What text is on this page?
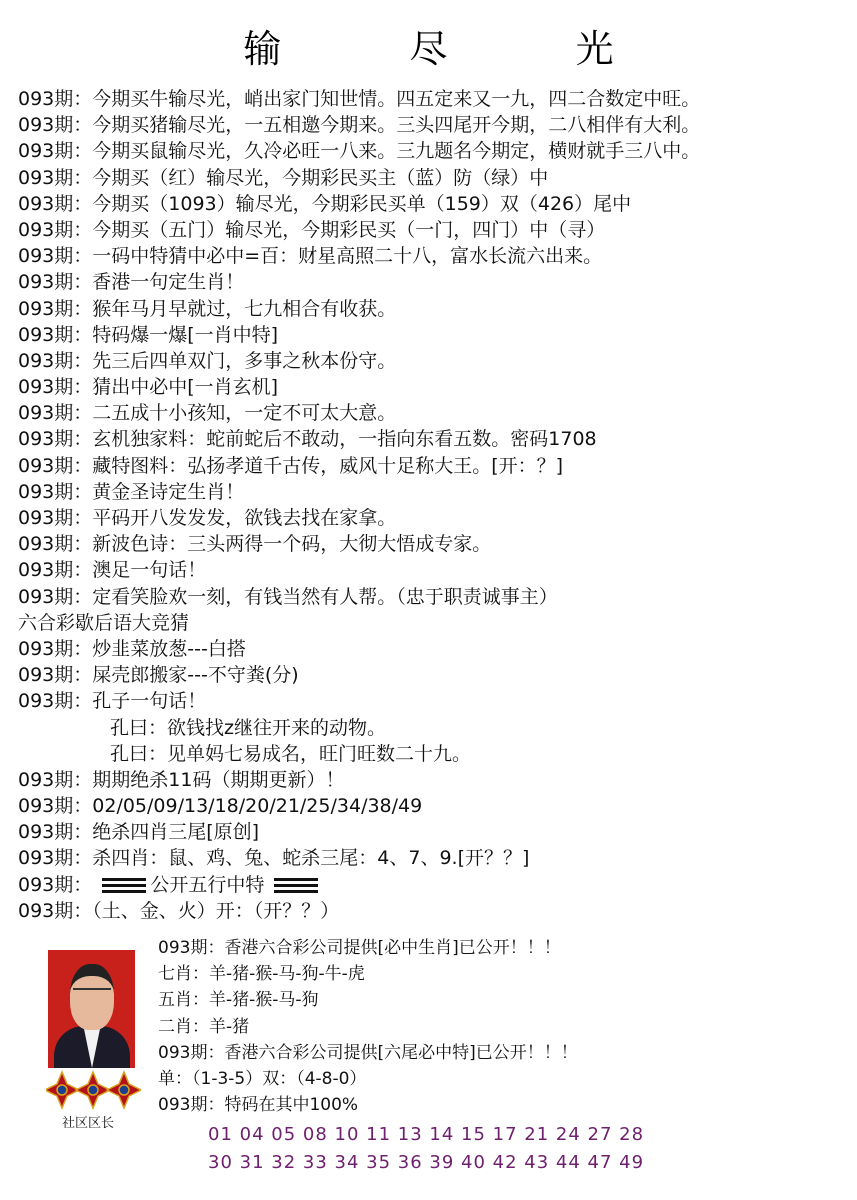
输 尽 光
093期：今期买牛输尽光，峭出家门知世情。四五定来又一九，四二合数定中旺。
093期：今期买猪输尽光，一五相邀今期来。三头四尾开今期，二八相伴有大利。
093期：今期买鼠输尽光，久冷必旺一八来。三九题名今期定，横财就手三八中。
093期：今期买（红）输尽光，今期彩民买主（蓝）防（绿）中
093期：今期买（1093）输尽光，今期彩民买单（159）双（426）尾中
093期：今期买（五门）输尽光，今期彩民买（一门，四门）中（寻）
093期：一码中特猜中必中=百：财星高照二十八，富水长流六出来。
093期：香港一句定生肖！
093期：猴年马月早就过，七九相合有收获。
093期：特码爆一爆[一肖中特]
093期：先三后四单双门，多事之秋本份守。
093期：猜出中必中[一肖玄机]
093期：二五成十小孩知，一定不可太大意。
093期：玄机独家料：蛇前蛇后不敢动，一指向东看五数。密码1708
093期：藏特图料：弘扬孝道千古传，威风十足称大王。[开：？]
093期：黄金圣诗定生肖！
093期：平码开八发发发，欲钱去找在家拿。
093期：新波色诗：三头两得一个码，大彻大悟成专家。
093期：澳足一句话！
093期：定看笑脸欢一刻，有钱当然有人帮。（忠于职责诚事主）
六合彩歇后语大竞猜
093期：炒韭菜放葱---白搭
093期：屎壳郎搬家---不守粪(分)
093期：孔子一句话！
孔曰：欲钱找z继往开来的动物。
孔曰：见单妈七易成名，旺门旺数二十九。
093期：期期绝杀11码（期期更新）！
093期：02/05/09/13/18/20/21/25/34/38/49
093期：绝杀四肖三尾[原创]
093期：杀四肖：鼠、鸡、兔、蛇杀三尾：4、7、9.[开？？]
093期：	公开五行中特
093期：（土、金、火）开：（开？？）
社区区长
093期：香港六合彩公司提供[必中生肖]已公开！！！
七肖：羊-猪-猴-马-狗-牛-虎
五肖：羊-猪-猴-马-狗
二肖：羊-猪
093期：香港六合彩公司提供[六尾必中特]已公开！！！
单：（1-3-5）双：（4-8-0）
093期：特码在其中100%
01 04 05 08 10 11 13 14 15 17 21 24 27 28
30 31 32 33 34 35 36 39 40 42 43 44 47 49
